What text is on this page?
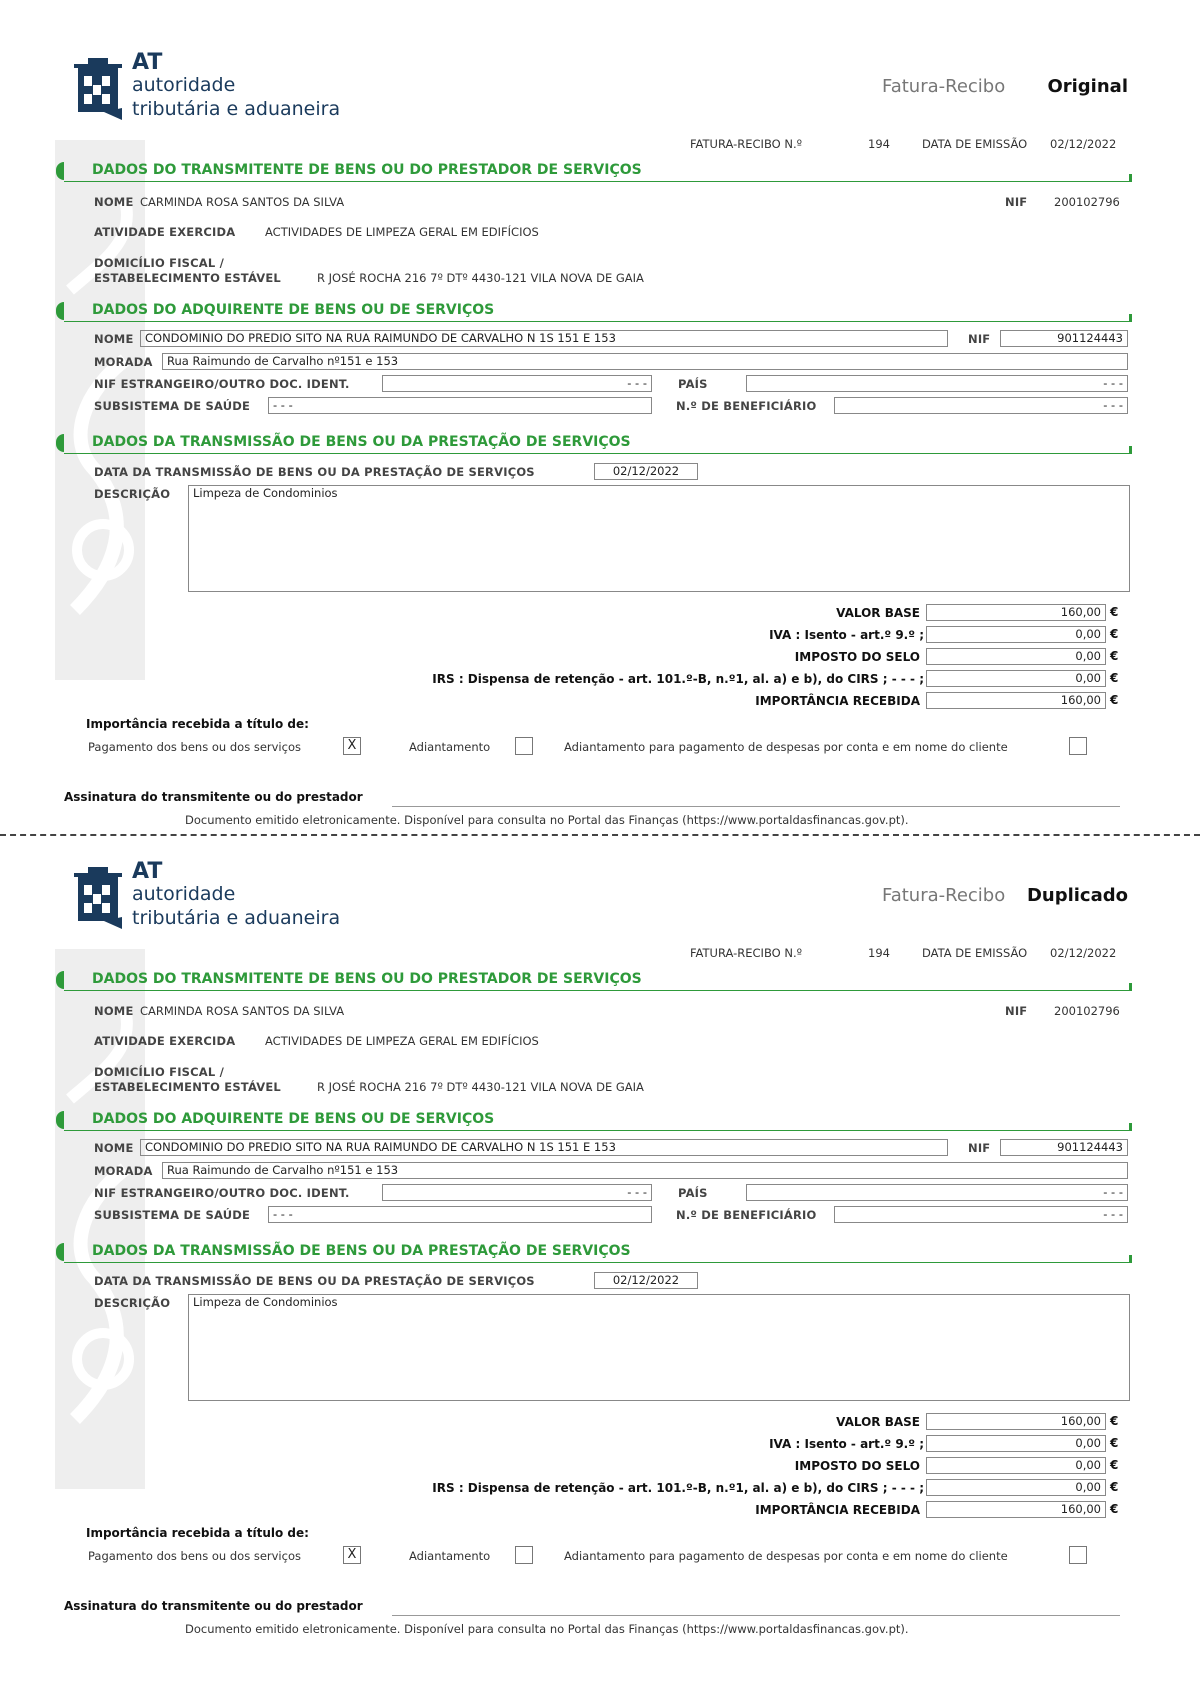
AT
autoridade
tributária e aduaneira
Fatura-Recibo Original
FATURA-RECIBO N.º	194	DATA DE EMISSÃO 02/12/2022
DADOS DO TRANSMITENTE DE BENS OU DO PRESTADOR DE SERVIÇOS
NOME CARMINDA ROSA SANTOS DA SILVA	NIF 200102796
ATIVIDADE EXERCIDA	ACTIVIDADES DE LIMPEZA GERAL EM EDIFÍCIOS
DOMICÍLIO FISCAL /
ESTABELECIMENTO ESTÁVEL	R JOSÉ ROCHA 216 7º DTº 4430-121 VILA NOVA DE GAIA
DADOS DO ADQUIRENTE DE BENS OU DE SERVIÇOS
NOME CONDOMINIO DO PREDIO SITO NA RUA RAIMUNDO DE CARVALHO N 1S 151 E 153	NIF	901124443
MORADA	Rua Raimundo de Carvalho nº151 e 153
NIF ESTRANGEIRO/OUTRO DOC. IDENT.	- - -	PAÍS	- - -
SUBSISTEMA DE SAÚDE	- - -	N.º DE BENEFICIÁRIO	- - -
DADOS DA TRANSMISSÃO DE BENS OU DA PRESTAÇÃO DE SERVIÇOS
DATA DA TRANSMISSÃO DE BENS OU DA PRESTAÇÃO DE SERVIÇOS	02/12/2022
DESCRIÇÃO	Limpeza de Condominios
VALOR BASE	160,00 €
IVA : Isento - art.º 9.º ;	0,00 €
IMPOSTO DO SELO	0,00 €
IRS : Dispensa de retenção - art. 101.º-B, n.º1, al. a) e b), do CIRS ; - - - ;	0,00 €
IMPORTÂNCIA RECEBIDA	160,00 €
Importância recebida a título de:
Pagamento dos bens ou dos serviços	X	Adiantamento	Adiantamento para pagamento de despesas por conta e em nome do cliente
Assinatura do transmitente ou do prestador
Documento emitido eletronicamente. Disponível para consulta no Portal das Finanças (https://www.portaldasfinancas.gov.pt).
AT
autoridade
tributária e aduaneira
Fatura-Recibo Duplicado
FATURA-RECIBO N.º	194	DATA DE EMISSÃO 02/12/2022
DADOS DO TRANSMITENTE DE BENS OU DO PRESTADOR DE SERVIÇOS
NOME CARMINDA ROSA SANTOS DA SILVA	NIF 200102796
ATIVIDADE EXERCIDA	ACTIVIDADES DE LIMPEZA GERAL EM EDIFÍCIOS
DOMICÍLIO FISCAL /
ESTABELECIMENTO ESTÁVEL	R JOSÉ ROCHA 216 7º DTº 4430-121 VILA NOVA DE GAIA
DADOS DO ADQUIRENTE DE BENS OU DE SERVIÇOS
NOME CONDOMINIO DO PREDIO SITO NA RUA RAIMUNDO DE CARVALHO N 1S 151 E 153	NIF	901124443
MORADA	Rua Raimundo de Carvalho nº151 e 153
NIF ESTRANGEIRO/OUTRO DOC. IDENT.	- - -	PAÍS	- - -
SUBSISTEMA DE SAÚDE	- - -	N.º DE BENEFICIÁRIO	- - -
DADOS DA TRANSMISSÃO DE BENS OU DA PRESTAÇÃO DE SERVIÇOS
DATA DA TRANSMISSÃO DE BENS OU DA PRESTAÇÃO DE SERVIÇOS	02/12/2022
DESCRIÇÃO	Limpeza de Condominios
VALOR BASE	160,00 €
IVA : Isento - art.º 9.º ;	0,00 €
IMPOSTO DO SELO	0,00 €
IRS : Dispensa de retenção - art. 101.º-B, n.º1, al. a) e b), do CIRS ; - - - ;	0,00 €
IMPORTÂNCIA RECEBIDA	160,00 €
Importância recebida a título de:
Pagamento dos bens ou dos serviços	X	Adiantamento	Adiantamento para pagamento de despesas por conta e em nome do cliente
Assinatura do transmitente ou do prestador
Documento emitido eletronicamente. Disponível para consulta no Portal das Finanças (https://www.portaldasfinancas.gov.pt).
